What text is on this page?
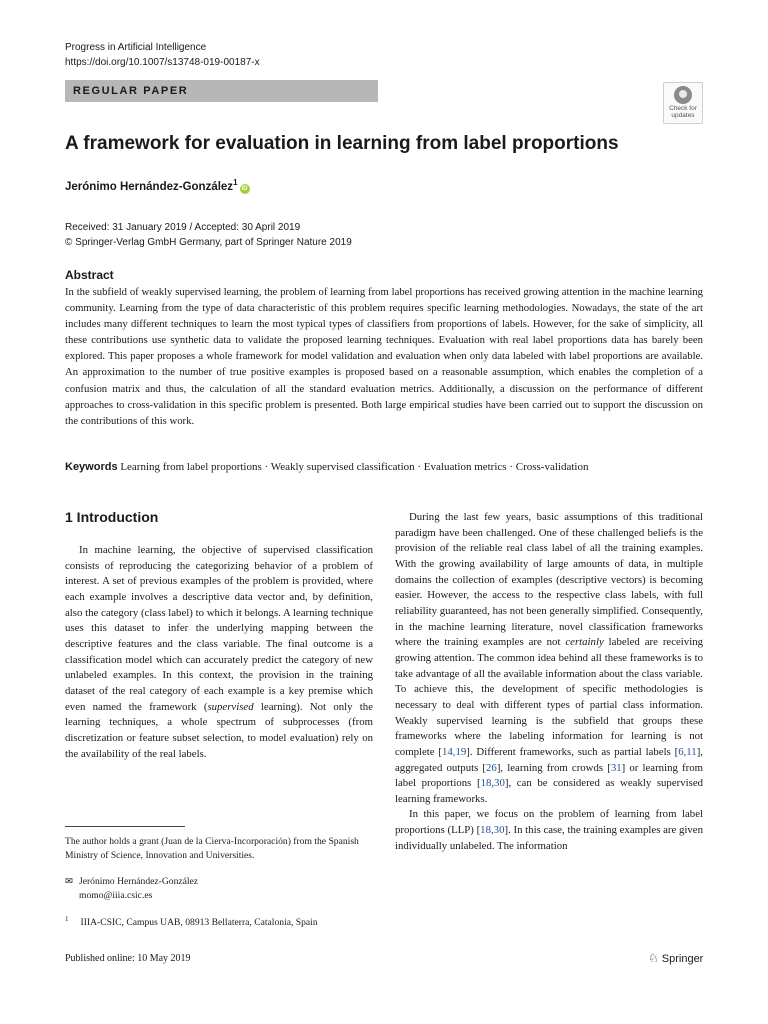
Progress in Artificial Intelligence
https://doi.org/10.1007/s13748-019-00187-x
REGULAR PAPER
Check for
updates
A framework for evaluation in learning from label proportions
Jerónimo Hernández-González$^1$iD
Received: 31 January 2019 / Accepted: 30 April 2019
© Springer-Verlag GmbH Germany, part of Springer Nature 2019
Abstract

In the subfield of weakly supervised learning, the problem of learning from label proportions has received growing attention in the machine learning community. Learning from the type of data characteristic of this problem requires specific learning methodologies. Nowadays, the state of the art includes many different techniques to learn the most typical types of classifiers from proportions of labels. However, for the sake of simplicity, all these contributions use synthetic data to validate the proposed learning techniques. Evaluation with real label proportions data has barely been explored. This paper proposes a whole framework for model validation and evaluation when only data labeled with label proportions are available. An approximation to the number of true positive examples is proposed based on a reasonable assumption, which enables the completion of a confusion matrix and thus, the calculation of all the standard evaluation metrics. Additionally, a discussion on the performance of different approaches to cross-validation in this specific problem is presented. Both large empirical studies have been carried out to support the discussion on the contributions of this work.

Keywords Learning from label proportions · Weakly supervised classification · Evaluation metrics · Cross-validation
1 Introduction

In machine learning, the objective of supervised classification consists of reproducing the categorizing behavior of a problem of interest. A set of previous examples of the problem is provided, where each example involves a descriptive data vector and, by definition, also the category (class label) to which it belongs. A learning technique uses this dataset to infer the underlying mapping between the descriptive features and the class variable. The final outcome is a classification model which can accurately predict the category of new unlabeled examples. In this context, the provision in the training dataset of the real category of each example is a key premise which even named the framework (supervised learning). Not only the learning techniques, a whole spectrum of subprocesses (from discretization or feature subset selection, to model evaluation) rely on the availability of the real labels.

During the last few years, basic assumptions of this traditional paradigm have been challenged. One of these challenged beliefs is the provision of the reliable real class label of all the training examples. With the growing availability of large amounts of data, in multiple domains the collection of examples (descriptive vectors) is becoming easier. However, the access to the respective class labels, with full reliability guaranteed, has not been generally simplified. Consequently, in the machine learning literature, novel classification frameworks where the training examples are not certainly labeled are receiving growing attention. The common idea behind all these frameworks is to take advantage of all the available information about the class variable. To achieve this, the development of specific methodologies is necessary to deal with different types of partial class information. Weakly supervised learning is the subfield that groups these frameworks where the labeling information for learning is not complete [14,19]. Different frameworks, such as partial labels [6,11], aggregated outputs [26], learning from crowds [31] or learning from label proportions [18,30], can be considered as weakly supervised learning frameworks.

In this paper, we focus on the problem of learning from label proportions (LLP) [18,30]. In this case, the training examples are given individually unlabeled. The information

The author holds a grant (Juan de la Cierva-Incorporación) from the Spanish Ministry of Science, Innovation and Universities.
✉ Jerónimo Hernández-González
momo@iiia.csic.es
$^1$ IIIA-CSIC, Campus UAB, 08913 Bellaterra, Catalonia, Spain
Published online: 10 May 2019	♘ Springer
